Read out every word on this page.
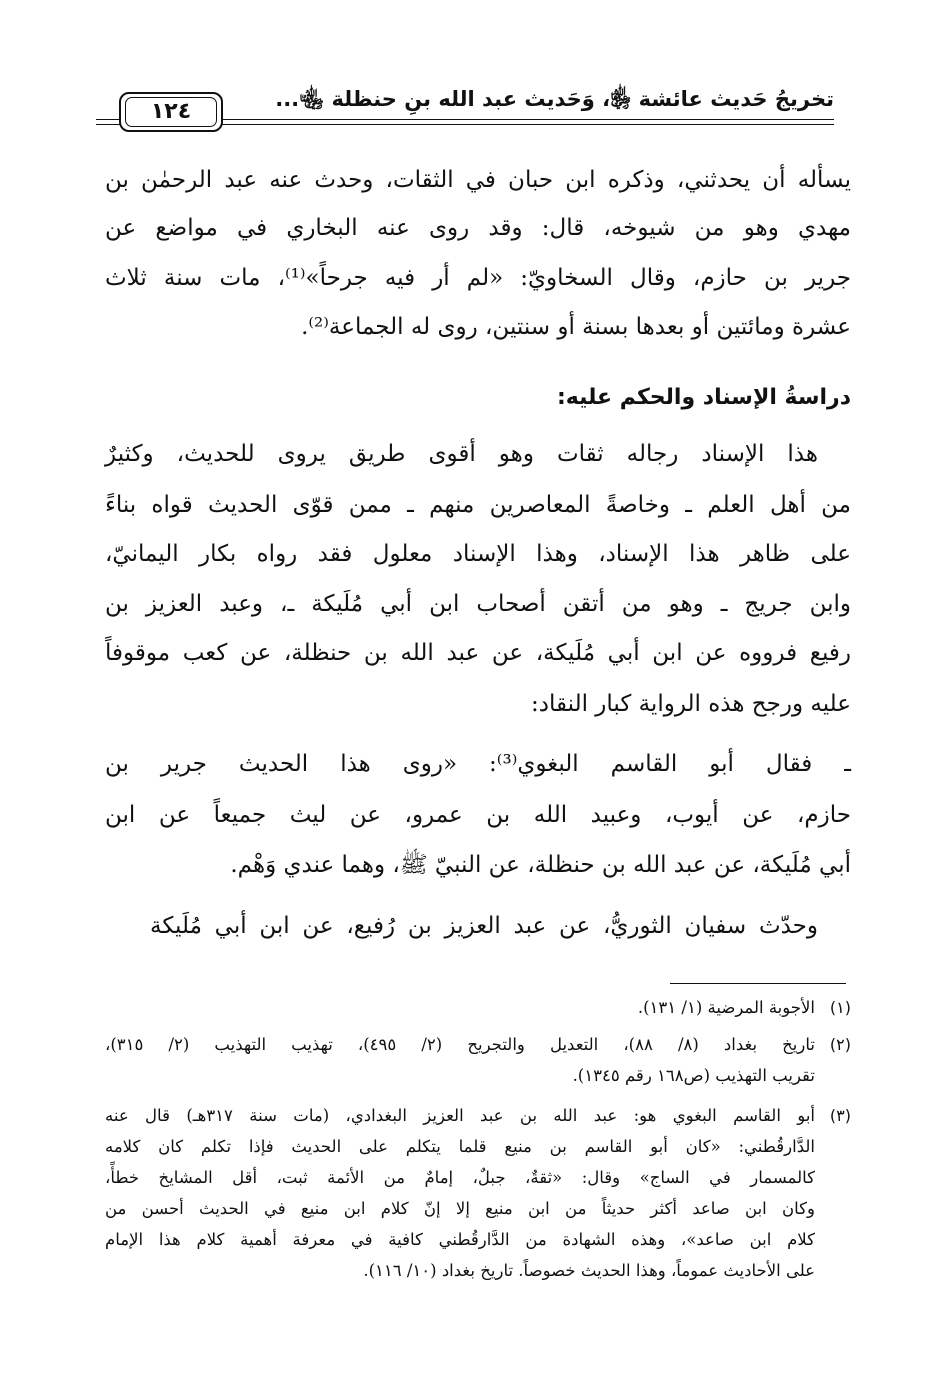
تخريجُ حَديث عائشة ﵂، وَحَديث عبد الله بنِ حنظلة ﵄...
١٢٤
يسأله أن يحدثني، وذكره ابن حبان في الثقات، وحدث عنه عبد الرحمٰن بن
مهدي وهو من شيوخه، قال: وقد روى عنه البخاري في مواضع عن
جرير بن حازم، وقال السخاويّ: «لم أر فيه جرحاً»⁽¹⁾، مات سنة ثلاث
عشرة ومائتين أو بعدها بسنة أو سنتين، روى له الجماعة⁽²⁾.
دراسةُ الإسناد والحكم عليه:
هذا الإسناد رجاله ثقات وهو أقوى طريق يروى للحديث، وكثيرٌ
من أهل العلم ـ وخاصةً المعاصرين منهم ـ ممن قوّى الحديث قواه بناءً
على ظاهر هذا الإسناد، وهذا الإسناد معلول فقد رواه بكار اليمانيّ،
وابن جريج ـ وهو من أتقن أصحاب ابن أبي مُلَيكة ـ، وعبد العزيز بن
رفيع فرووه عن ابن أبي مُلَيكة، عن عبد الله بن حنظلة، عن كعب موقوفاً
عليه ورجح هذه الرواية كبار النقاد:
ـ فقال أبو القاسم البغوي⁽³⁾: «روى هذا الحديث جرير بن
حازم، عن أيوب، وعبيد الله بن عمرو، عن ليث جميعاً عن ابن
أبي مُلَيكة، عن عبد الله بن حنظلة، عن النبيّ ﷺ، وهما عندي وَهْم.
وحدّث سفيان الثوريُّ، عن عبد العزيز بن رُفيع، عن ابن أبي مُلَيكة
(١)
الأجوبة المرضية (١/ ١٣١).
(٢)
تاريخ بغداد (٨/ ٨٨)، التعديل والتجريح (٢/ ٤٩٥)، تهذيب التهذيب (٢/ ٣١٥)،
تقريب التهذيب (ص١٦٨ رقم ١٣٤٥).
(٣)
أبو القاسم البغوي هو: عبد الله بن عبد العزيز البغدادي، (مات سنة ٣١٧هـ) قال عنه
الدَّارقُطني: «كان أبو القاسم بن منيع قلما يتكلم على الحديث فإذا تكلم كان كلامه
كالمسمار في الساج» وقال: «ثقةٌ، جبلٌ، إمامٌ من الأئمة ثبت، أقل المشايخ خطأً،
وكان ابن صاعد أكثر حديثاً من ابن منيع إلا إنّ كلام ابن منيع في الحديث أحسن من
كلام ابن صاعد»، وهذه الشهادة من الدَّارقُطني كافية في معرفة أهمية كلام هذا الإمام
على الأحاديث عموماً، وهذا الحديث خصوصاً. تاريخ بغداد (١٠/ ١١٦).
